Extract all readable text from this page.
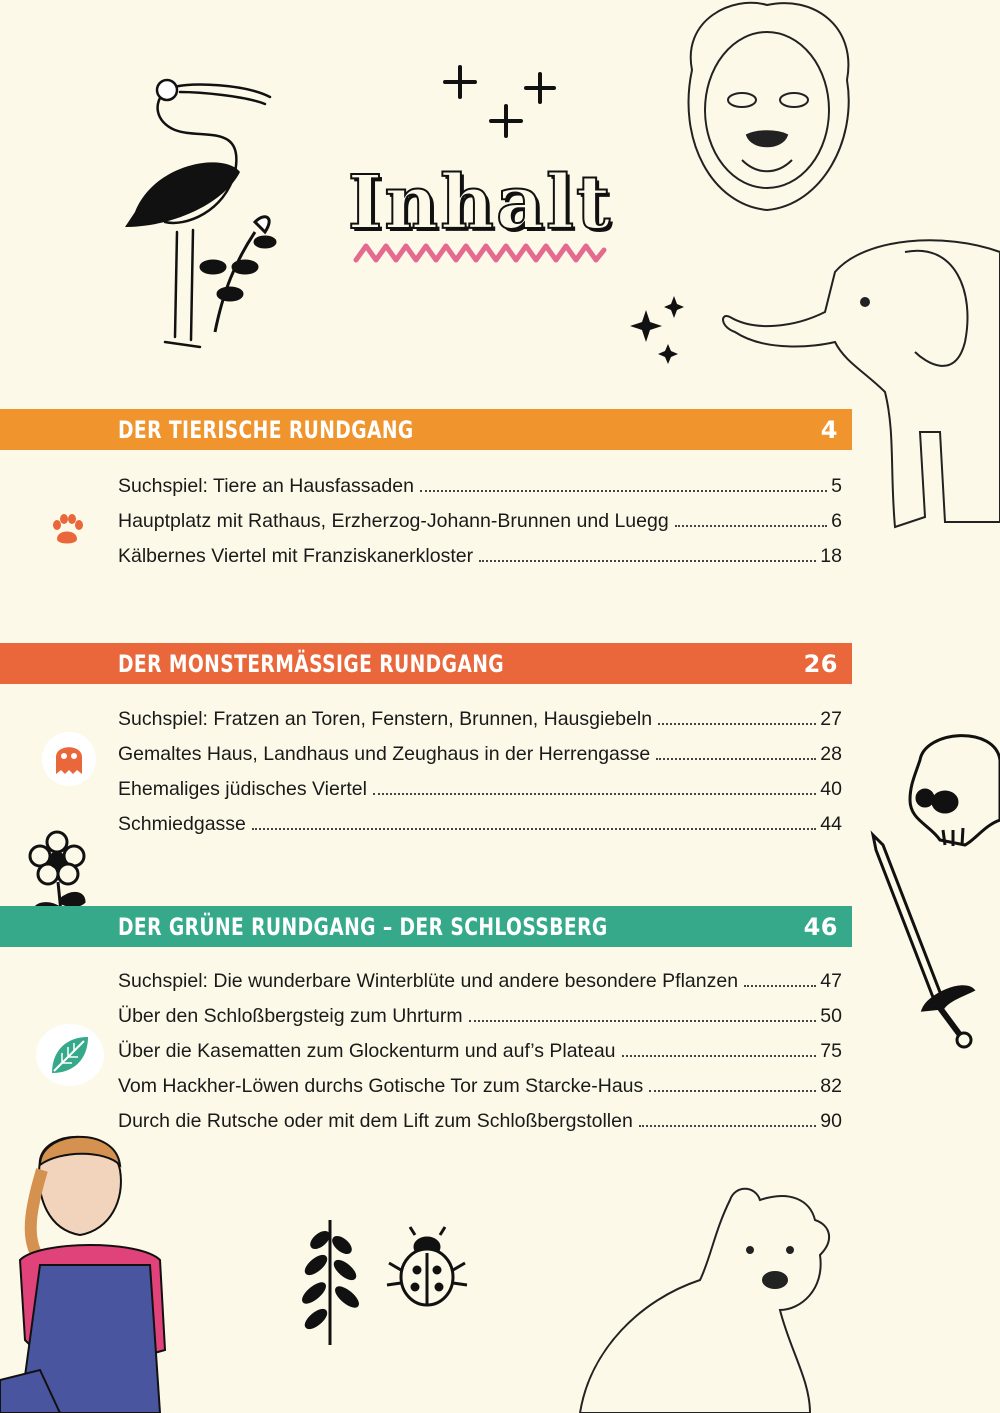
Inhalt
DER TIERISCHE RUNDGANG	4
Suchspiel: Tiere an Hausfassaden	5
Hauptplatz mit Rathaus, Erzherzog-Johann-Brunnen und Luegg	6
Kälbernes Viertel mit Franziskanerkloster	18
DER MONSTERMÄSSIGE RUNDGANG	26
Suchspiel: Fratzen an Toren, Fenstern, Brunnen, Hausgiebeln	27
Gemaltes Haus, Landhaus und Zeughaus in der Herrengasse	28
Ehemaliges jüdisches Viertel	40
Schmiedgasse	44
DER GRÜNE RUNDGANG – DER SCHLOSSBERG	46
Suchspiel: Die wunderbare Winterblüte und andere besondere Pflanzen	47
Über den Schloßbergsteig zum Uhrturm	50
Über die Kasematten zum Glockenturm und auf’s Plateau	75
Vom Hackher-Löwen durchs Gotische Tor zum Starcke-Haus	82
Durch die Rutsche oder mit dem Lift zum Schloßbergstollen	90
